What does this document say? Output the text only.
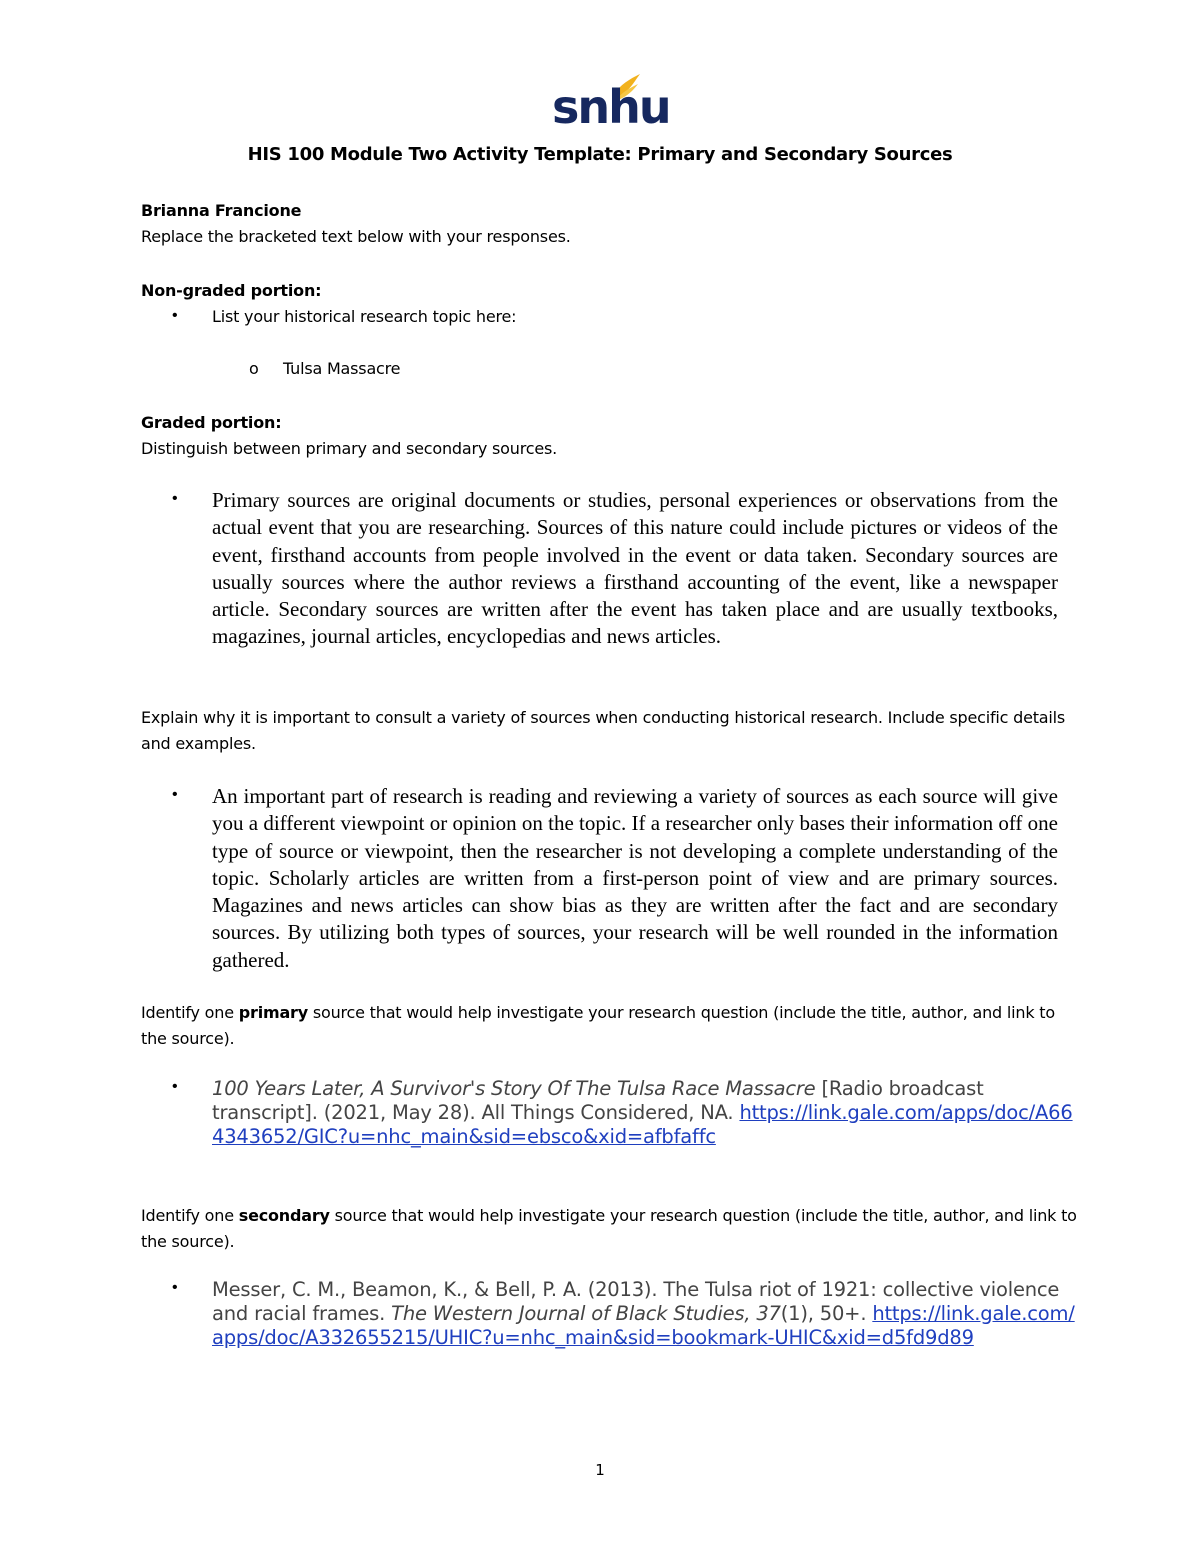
snhu
HIS 100 Module Two Activity Template: Primary and Secondary Sources
Brianna Francione
Replace the bracketed text below with your responses.
Non-graded portion:
• List your historical research topic here:
o Tulsa Massacre
Graded portion:
Distinguish between primary and secondary sources.
• Primary sources are original documents or studies, personal experiences or observations from the actual event that you are researching. Sources of this nature could include pictures or videos of the event, firsthand accounts from people involved in the event or data taken. Secondary sources are usually sources where the author reviews a firsthand accounting of the event, like a newspaper article. Secondary sources are written after the event has taken place and are usually textbooks, magazines, journal articles, encyclopedias and news articles.
Explain why it is important to consult a variety of sources when conducting historical research. Include specific details and examples.
• An important part of research is reading and reviewing a variety of sources as each source will give you a different viewpoint or opinion on the topic. If a researcher only bases their information off one type of source or viewpoint, then the researcher is not developing a complete understanding of the topic. Scholarly articles are written from a first-person point of view and are primary sources. Magazines and news articles can show bias as they are written after the fact and are secondary sources. By utilizing both types of sources, your research will be well rounded in the information gathered.
Identify one primary source that would help investigate your research question (include the title, author, and link to the source).
• 100 Years Later, A Survivor's Story Of The Tulsa Race Massacre [Radio broadcast transcript]. (2021, May 28). All Things Considered, NA. https://link.gale.com/apps/doc/A664343652/GIC?u=nhc_main&sid=ebsco&xid=afbfaffc
Identify one secondary source that would help investigate your research question (include the title, author, and link to the source).
• Messer, C. M., Beamon, K., & Bell, P. A. (2013). The Tulsa riot of 1921: collective violence and racial frames. The Western Journal of Black Studies, 37(1), 50+. https://link.gale.com/apps/doc/A332655215/UHIC?u=nhc_main&sid=bookmark-UHIC&xid=d5fd9d89
1
